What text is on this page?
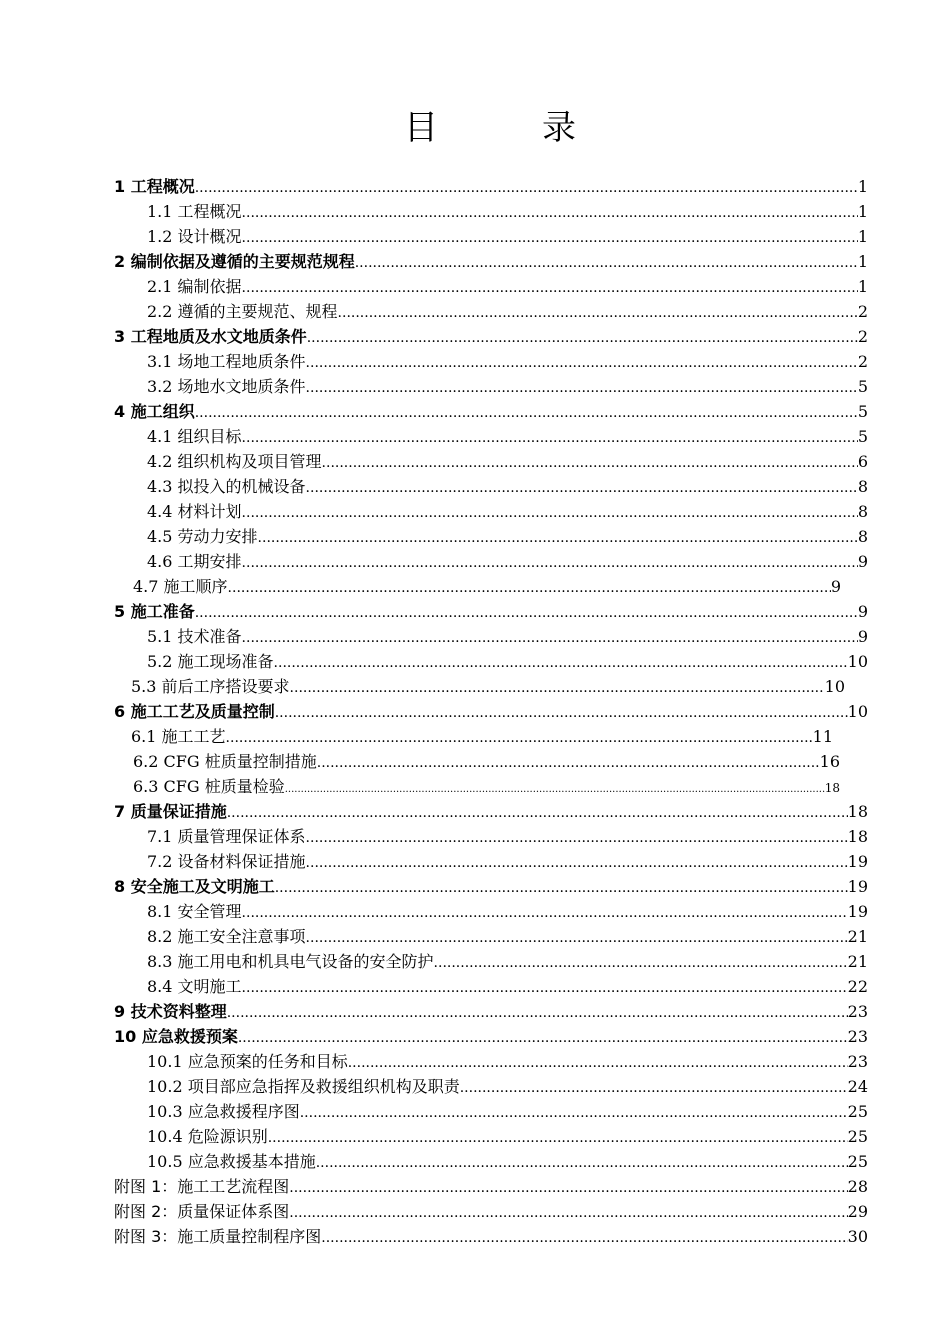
目	录
1 工程概况 .....	1
1.1 工程概况 .....	1
1.2 设计概况 .....	1
2 编制依据及遵循的主要规范规程 .....	1
2.1 编制依据 .....	1
2.2 遵循的主要规范、规程 .....	2
3 工程地质及水文地质条件 .....	2
3.1 场地工程地质条件 .....	2
3.2 场地水文地质条件 .....	5
4 施工组织 .....	5
4.1 组织目标 .....	5
4.2 组织机构及项目管理 .....	6
4.3 拟投入的机械设备 .....	8
4.4 材料计划 .....	8
4.5 劳动力安排 .....	8
4.6 工期安排 .....	9
4.7 施工顺序 .....	9
5 施工准备 .....	9
5.1 技术准备 .....	9
5.2 施工现场准备 .....	10
5.3 前后工序搭设要求 .....	10
6 施工工艺及质量控制 .....	10
6.1 施工工艺 .....	11
6.2 CFG 桩质量控制措施 .....	16
6.3 CFG 桩质量检验 .....	18
7 质量保证措施 .....	18
7.1 质量管理保证体系 .....	18
7.2 设备材料保证措施 .....	19
8 安全施工及文明施工 .....	19
8.1 安全管理 .....	19
8.2 施工安全注意事项 .....	21
8.3 施工用电和机具电气设备的安全防护 .....	21
8.4 文明施工 .....	22
9 技术资料整理 .....	23
10 应急救援预案 .....	23
10.1 应急预案的任务和目标 .....	23
10.2 项目部应急指挥及救援组织机构及职责 .....	24
10.3 应急救援程序图 .....	25
10.4 危险源识别 .....	25
10.5 应急救援基本措施 .....	25
附图 1：施工工艺流程图 .....	28
附图 2：质量保证体系图 .....	29
附图 3：施工质量控制程序图 .....	30
